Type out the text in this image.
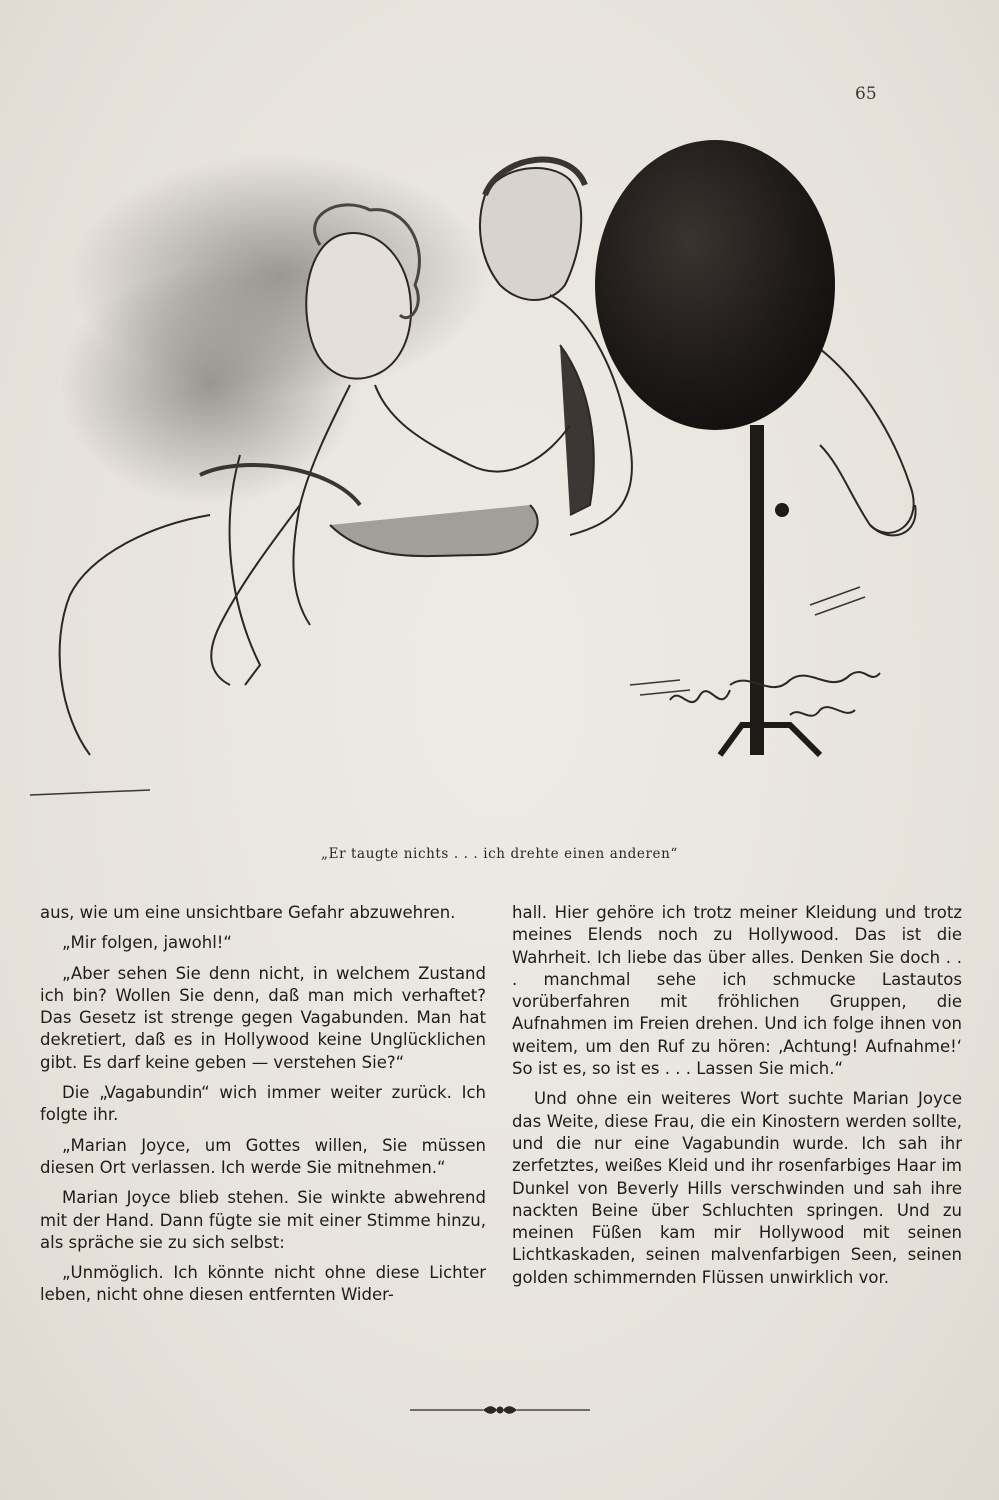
65
„Er taugte nichts . . . ich drehte einen anderen“

aus, wie um eine unsichtbare Gefahr abzuwehren.

„Mir folgen, jawohl!“

„Aber sehen Sie denn nicht, in welchem Zustand ich bin? Wollen Sie denn, daß man mich verhaftet? Das Gesetz ist strenge gegen Vagabunden. Man hat dekretiert, daß es in Hollywood keine Unglücklichen gibt. Es darf keine geben — verstehen Sie?“

Die „Vagabundin“ wich immer weiter zurück. Ich folgte ihr.

„Marian Joyce, um Gottes willen, Sie müssen diesen Ort verlassen. Ich werde Sie mitnehmen.“

Marian Joyce blieb stehen. Sie winkte abwehrend mit der Hand. Dann fügte sie mit einer Stimme hinzu, als spräche sie zu sich selbst:

„Unmöglich. Ich könnte nicht ohne diese Lichter leben, nicht ohne diesen entfernten Wider-

hall. Hier gehöre ich trotz meiner Kleidung und trotz meines Elends noch zu Hollywood. Das ist die Wahrheit. Ich liebe das über alles. Denken Sie doch . . . manchmal sehe ich schmucke Lastautos vorüberfahren mit fröhlichen Gruppen, die Aufnahmen im Freien drehen. Und ich folge ihnen von weitem, um den Ruf zu hören: ‚Achtung! Aufnahme!‘ So ist es, so ist es . . . Lassen Sie mich.“

Und ohne ein weiteres Wort suchte Marian Joyce das Weite, diese Frau, die ein Kinostern werden sollte, und die nur eine Vagabundin wurde. Ich sah ihr zerfetztes, weißes Kleid und ihr rosenfarbiges Haar im Dunkel von Beverly Hills verschwinden und sah ihre nackten Beine über Schluchten springen. Und zu meinen Füßen kam mir Hollywood mit seinen Lichtkaskaden, seinen malvenfarbigen Seen, seinen golden schimmernden Flüssen unwirklich vor.
